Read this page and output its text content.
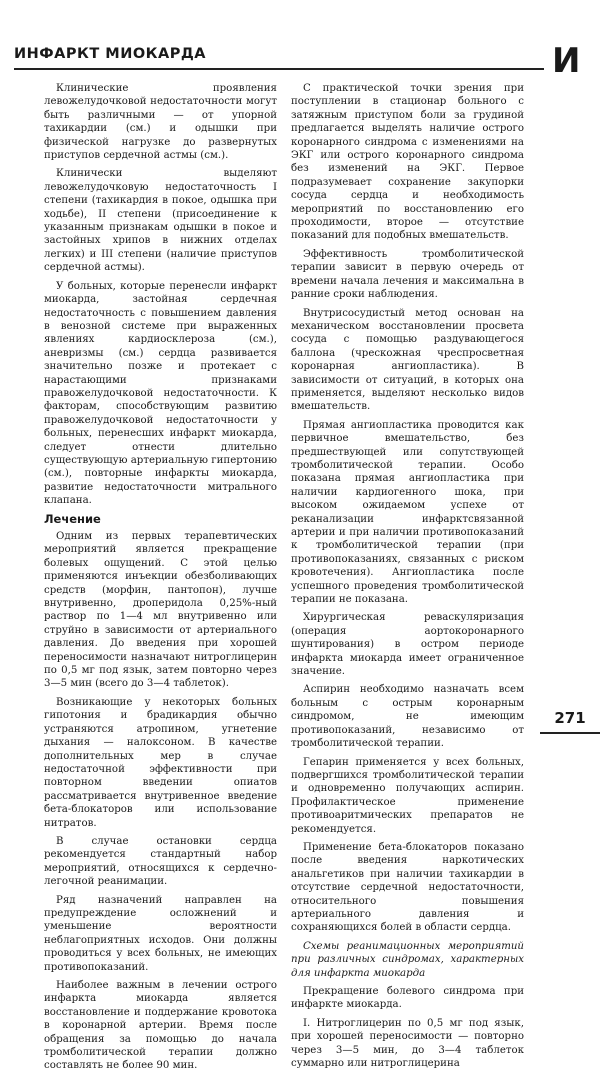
ИНФАРКТ МИОКАРДА	И

Клинические проявления левожелудочковой недостаточности могут быть различными — от упорной тахикардии (см.) и одышки при физической нагрузке до развернутых приступов сердечной астмы (см.).

Клинически выделяют левожелудочковую недостаточность I степени (тахикардия в покое, одышка при ходьбе), II степени (присоединение к указанным признакам одышки в покое и застойных хрипов в нижних отделах легких) и III степени (наличие приступов сердечной астмы).

У больных, которые перенесли инфаркт миокарда, застойная сердечная недостаточность с повышением давления в венозной системе при выраженных явлениях кардиосклероза (см.), аневризмы (см.) сердца развивается значительно позже и протекает с нарастающими признаками правожелудочковой недостаточности. К факторам, способствующим развитию правожелудочковой недостаточности у больных, перенесших инфаркт миокарда, следует отнести длительно существующую артериальную гипертонию (см.), повторные инфаркты миокарда, развитие недостаточности митрального клапана.

Лечение

Одним из первых терапевтических мероприятий является прекращение болевых ощущений. С этой целью применяются инъекции обезболивающих средств (морфин, пантопон), лучше внутривенно, дроперидола 0,25%-ный раствор по 1—4 мл внутривенно или струйно в зависимости от артериального давления. До введения при хорошей переносимости назначают нитроглицерин по 0,5 мг под язык, затем повторно через 3—5 мин (всего до 3—4 таблеток).

Возникающие у некоторых больных гипотония и брадикардия обычно устраняются атропином, угнетение дыхания — налоксоном. В качестве дополнительных мер в случае недостаточной эффективности при повторном введении опиатов рассматривается внутривенное введение бета-блокаторов или использование нитратов.

В случае остановки сердца рекомендуется стандартный набор мероприятий, относящихся к сердечно-легочной реанимации.

Ряд назначений направлен на предупреждение осложнений и уменьшение вероятности неблагоприятных исходов. Они должны проводиться у всех больных, не имеющих противопоказаний.

Наиболее важным в лечении острого инфаркта миокарда является восстановление и поддержание кровотока в коронарной артерии. Время после обращения за помощью до начала тромболитической терапии должно составлять не более 90 мин.

С практической точки зрения при поступлении в стационар больного с затяжным приступом боли за грудиной предлагается выделять наличие острого коронарного синдрома с изменениями на ЭКГ или острого коронарного синдрома без изменений на ЭКГ. Первое подразумевает сохранение закупорки сосуда сердца и необходимость мероприятий по восстановлению его проходимости, второе — отсутствие показаний для подобных вмешательств.

Эффективность тромболитической терапии зависит в первую очередь от времени начала лечения и максимальна в ранние сроки наблюдения.

Внутрисосудистый метод основан на механическом восстановлении просвета сосуда с помощью раздувающегося баллона (чрескожная чреспросветная коронарная ангиопластика). В зависимости от ситуаций, в которых она применяется, выделяют несколько видов вмешательств.

Прямая ангиопластика проводится как первичное вмешательство, без предшествующей или сопутствующей тромболитической терапии. Особо показана прямая ангиопластика при наличии кардиогенного шока, при высоком ожидаемом успехе от реканализации инфарктсвязанной артерии и при наличии противопоказаний к тромболитической терапии (при противопоказаниях, связанных с риском кровотечения). Ангиопластика после успешного проведения тромболитической терапии не показана.

Хирургическая реваскуляризация (операция аортокоронарного шунтирования) в остром периоде инфаркта миокарда имеет ограниченное значение.

Аспирин необходимо назначать всем больным с острым коронарным синдромом, не имеющим противопоказаний, независимо от тромболитической терапии.

Гепарин применяется у всех больных, подвергшихся тромболитической терапии и одновременно получающих аспирин. Профилактическое применение противоаритмических препаратов не рекомендуется.

Применение бета-блокаторов показано после введения наркотических анальгетиков при наличии тахикардии в отсутствие сердечной недостаточности, относительного повышения артериального давления и сохраняющихся болей в области сердца.

Схемы реанимационных мероприятий при различных синдромах, характерных для инфаркта миокарда

Прекращение болевого синдрома при инфаркте миокарда.

I. Нитроглицерин по 0,5 мг под язык, при хорошей переносимости — повторно через 3—5 мин, до 3—4 таблеток суммарно или нитроглицерина

271
